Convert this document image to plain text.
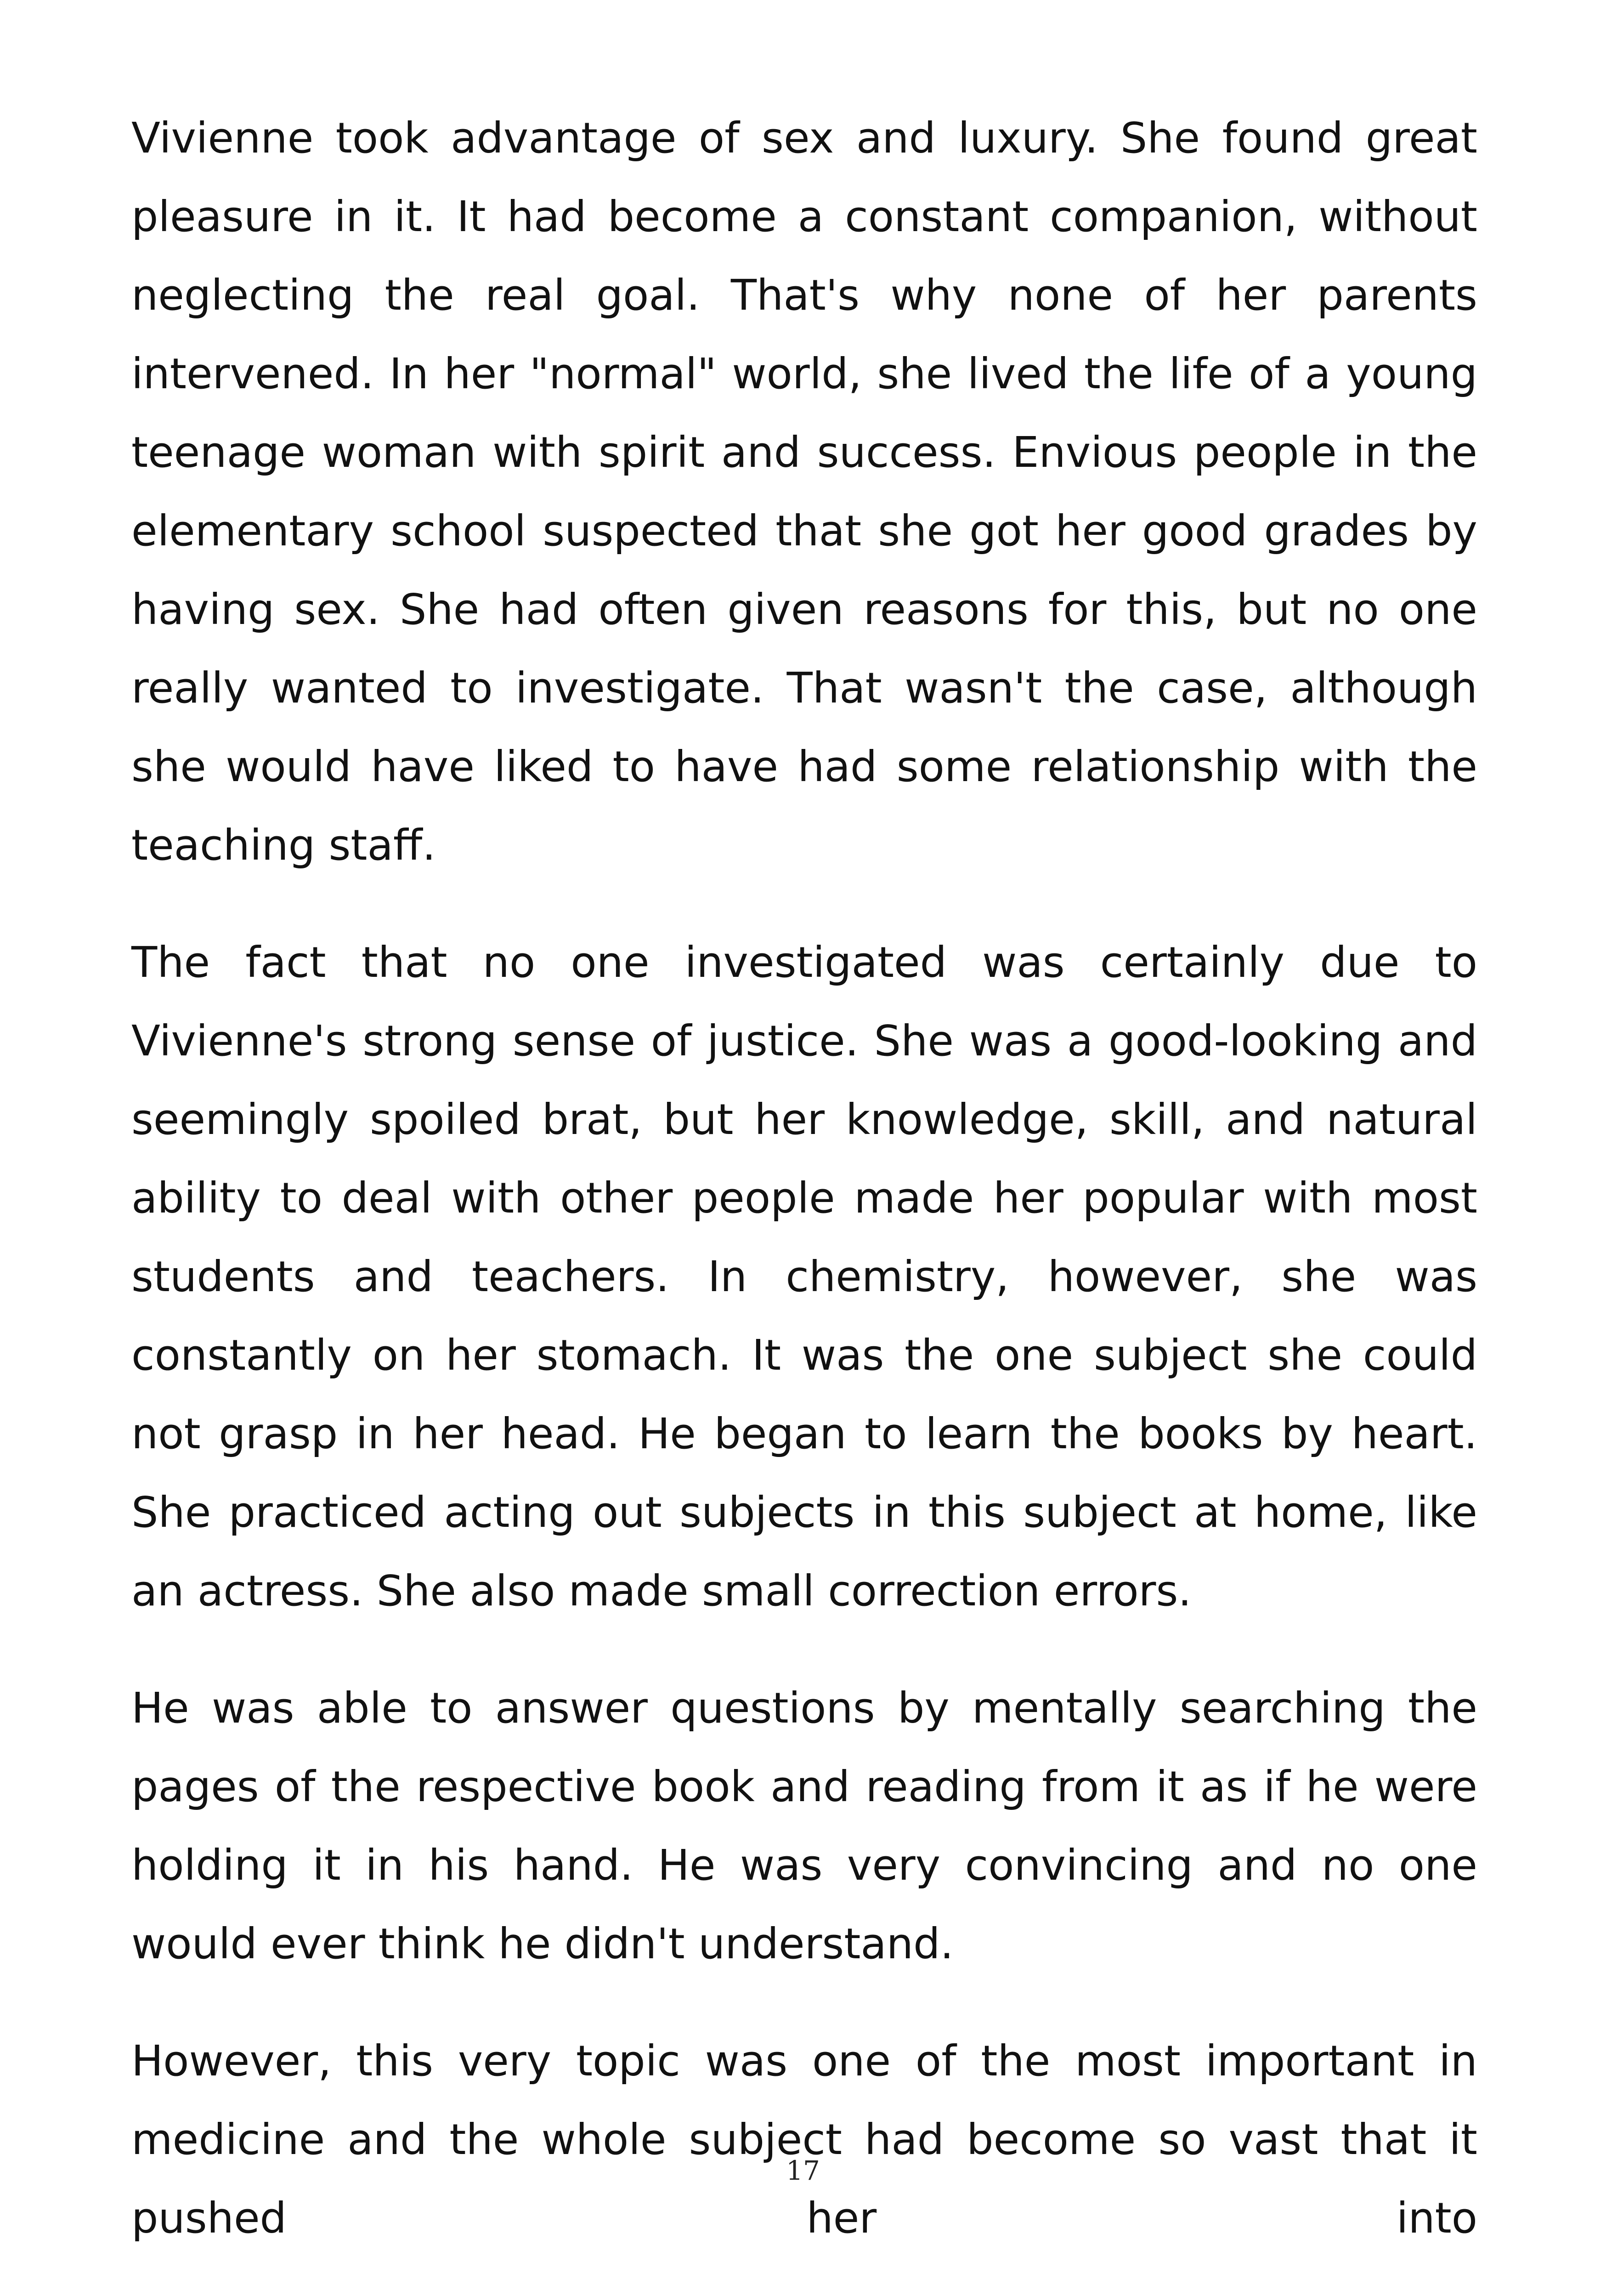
Vivienne took advantage of sex and luxury. She found great pleasure in it. It had become a constant companion, without neglecting the real goal. That's why none of her parents intervened. In her "normal" world, she lived the life of a young teenage woman with spirit and success. Envious people in the elementary school suspected that she got her good grades by having sex. She had often given reasons for this, but no one really wanted to investigate. That wasn't the case, although she would have liked to have had some relationship with the teaching staff.

The fact that no one investigated was certainly due to Vivienne's strong sense of justice. She was a good-looking and seemingly spoiled brat, but her knowledge, skill, and natural ability to deal with other people made her popular with most students and teachers. In chemistry, however, she was constantly on her stomach. It was the one subject she could not grasp in her head. He began to learn the books by heart. She practiced acting out subjects in this subject at home, like an actress. She also made small correction errors.

He was able to answer questions by mentally searching the pages of the respective book and reading from it as if he were holding it in his hand. He was very convincing and no one would ever think he didn't understand.

However, this very topic was one of the most important in medicine and the whole subject had become so vast that it pushed her into

17
